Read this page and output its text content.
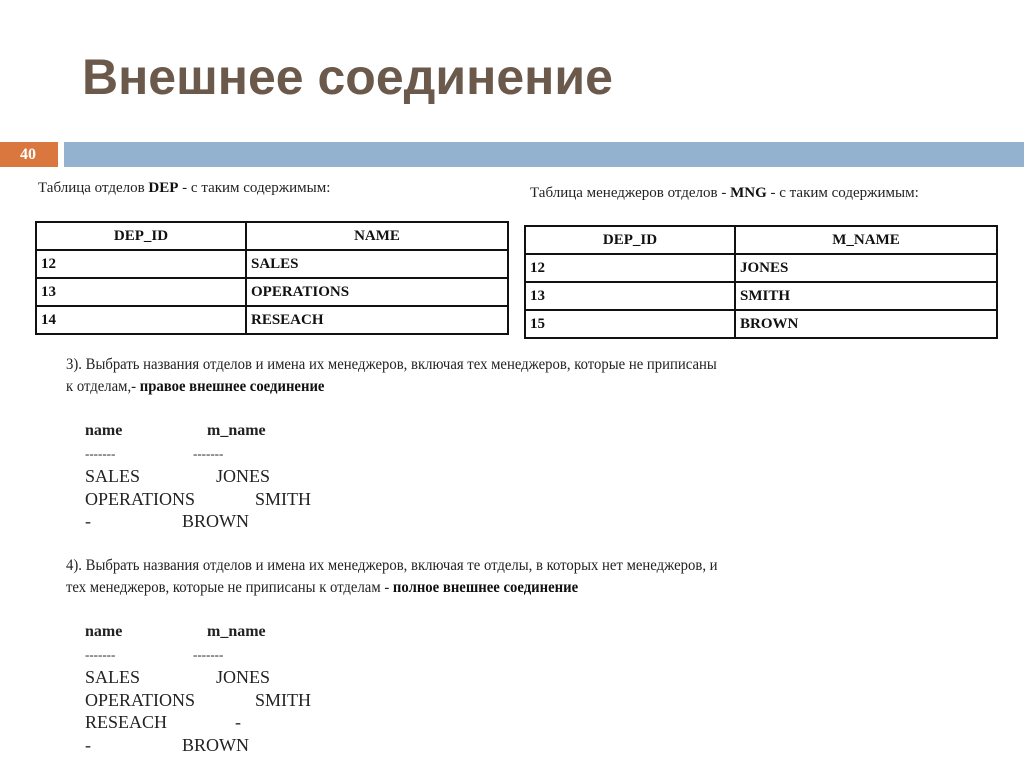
Внешнее соединение
40
Таблица отделов DEP - с таким содержимым:
DEP_ID	NAME
12	SALES
13	OPERATIONS
14	RESEACH
Таблица менеджеров отделов - MNG - с таким содержимым:
DEP_ID	M_NAME
12	JONES
13	SMITH
15	BROWN
3). Выбрать названия отделов и имена их менеджеров, включая тех менеджеров, которые не приписаны
к отделам,- правое внешнее соединение
name	m_name
-------	-------
SALES	JONES
OPERATIONS	SMITH
-	BROWN
4). Выбрать названия отделов и имена их менеджеров, включая те отделы, в которых нет менеджеров, и
тех менеджеров, которые не приписаны к отделам - полное внешнее соединение
name	m_name
-------	-------
SALES	JONES
OPERATIONS	SMITH
RESEACH	-
-	BROWN
